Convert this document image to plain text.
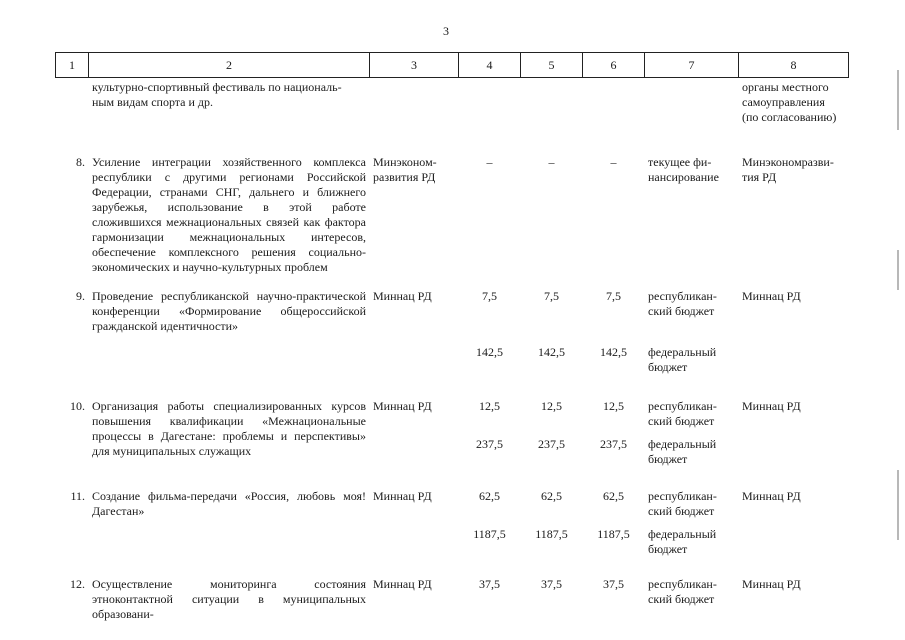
3
1	2	3	4	5	6	7	8
	культурно-спортивный фестиваль по националь-
ным видам спорта и др.						органы местного
самоуправления
(по согласованию)

8.	Усиление интеграции хозяйственного комплекса республики с другими регионами Российской Федерации, странами СНГ, дальнего и ближнего зарубежья, использование в этой работе сложившихся межнациональных связей как фактора гармонизации межнациональных интересов, обеспечение комплексного решения социально-экономических и научно-культурных проблем	Минэконом-
развития РД	–	–	–	текущее фи-
нансирование	Минэкономразви-
тия РД

9.	Проведение республиканской научно-практической конференции «Формирование общероссийской гражданской идентичности»	Миннац РД	7,5	7,5	7,5	республикан-
ский бюджет	Миннац РД
			142,5	142,5	142,5	федеральный
бюджет	

10.	Организация работы специализированных курсов повышения квалификации «Межнациональные процессы в Дагестане: проблемы и перспективы» для муниципальных служащих	Миннац РД	12,5	12,5	12,5	республикан-
ский бюджет	Миннац РД
			237,5	237,5	237,5	федеральный
бюджет	

11.	Создание фильма-передачи «Россия, любовь моя! Дагестан»	Миннац РД	62,5	62,5	62,5	республикан-
ский бюджет	Миннац РД
			1187,5	1187,5	1187,5	федеральный
бюджет	

12.	Осуществление мониторинга состояния этноконтактной ситуации в муниципальных образовани-	Миннац РД	37,5	37,5	37,5	республикан-
ский бюджет	Миннац РД
